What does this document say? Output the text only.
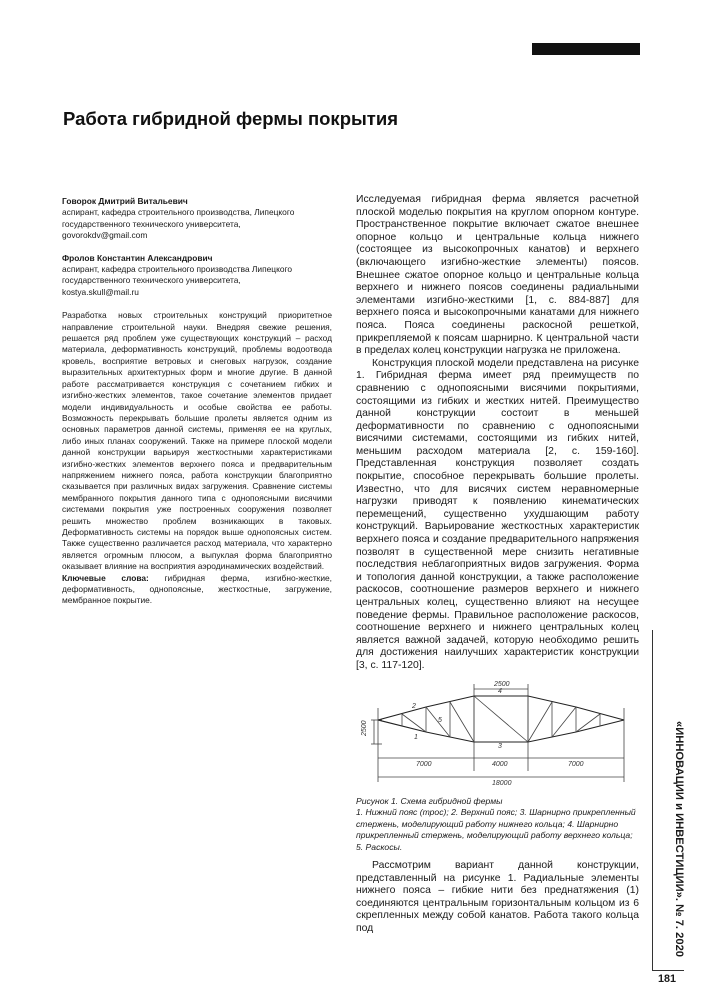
Работа гибридной фермы покрытия
Говорок Дмитрий Витальевич
аспирант, кафедра строительного производства, Липецкого государственного технического университета,
govorokdv@gmail.com
Фролов Константин Александрович
аспирант, кафедра строительного производства Липецкого государственного технического университета,
kostya.skull@mail.ru

Разработка новых строительных конструкций приоритетное направление строительной науки. Внедряя свежие решения, решается ряд проблем уже существующих конструкций – расход материала, деформативность конструкций, проблемы водоотвода кровель, восприятие ветровых и снеговых нагрузок, создание выразительных архитектурных форм и многие другие. В данной работе рассматривается конструкция с сочетанием гибких и изгибно-жестких элементов, такое сочетание элементов придает модели индивидуальность и особые свойства ее работы. Возможность перекрывать большие пролеты является одним из основных параметров данной системы, применяя ее на круглых, либо иных планах сооружений. Также на примере плоской модели данной конструкции варьируя жесткостными характеристиками изгибно-жестких элементов верхнего пояса и предварительным напряжением нижнего пояса, работа конструкции благоприятно сказывается при различных видах загружения. Сравнение системы мембранного покрытия данного типа с однопоясными висячими системами покрытия уже построенных сооружения позволяет решить множество проблем возникающих в таковых. Деформативность системы на порядок выше однопоясных систем. Также существенно различается расход материала, что характерно является огромным плюсом, а выпуклая форма благоприятно оказывает влияние на восприятия аэродинамических воздействий.

Ключевые слова: гибридная ферма, изгибно-жесткие, деформативность, однопоясные, жесткостные, загружение, мембранное покрытие.

Исследуемая гибридная ферма является расчетной плоской моделью покрытия на круглом опорном контуре. Пространственное покрытие включает сжатое внешнее опорное кольцо и центральные кольца нижнего (состоящее из высокопрочных канатов) и верхнего (включающего изгибно-жесткие элементы) поясов. Внешнее сжатое опорное кольцо и центральные кольца верхнего и нижнего поясов соединены радиальными элементами изгибно-жесткими [1, с. 884-887] для верхнего пояса и высокопрочными канатами для нижнего пояса. Пояса соединены раскосной решеткой, прикрепляемой к поясам шарнирно. К центральной части в пределах колец конструкции нагрузка не приложена.

Конструкция плоской модели представлена на рисунке 1. Гибридная ферма имеет ряд преимуществ по сравнению с однопоясными висячими покрытиями, состоящими из гибких и жестких нитей. Преимущество данной конструкции состоит в меньшей деформативности по сравнению с однопоясными висячими системами, состоящими из гибких нитей, меньшим расходом материала [2, с. 159-160]. Представленная конструкция позволяет создать покрытие, способное перекрывать большие пролеты. Известно, что для висячих систем неравномерные нагрузки приводят к появлению кинематических перемещений, существенно ухудшающим работу конструкций. Варьирование жесткостных характеристик верхнего пояса и создание предварительного напряжения позволят в существенной мере снизить негативные последствия неблагоприятных видов загружения. Форма и топология данной конструкции, а также расположение раскосов, соотношение размеров верхнего и нижнего центральных колец, существенно влияют на несущее поведение фермы. Правильное расположение раскосов, соотношение верхнего и нижнего центральных колец является важной задачей, которую необходимо решить для достижения наилучших характеристик конструкции [3, с. 117-120].

2500
2500
7000	4000	7000
18000
1
2
3
4
5
Рисунок 1. Схема гибридной фермы
1. Нижний пояс (трос); 2. Верхний пояс; 3. Шарнирно прикрепленный стержень, моделирующий работу нижнего кольца; 4. Шарнирно прикрепленный стержень, моделирующий работу верхнего кольца; 5. Раскосы.

Рассмотрим вариант данной конструкции, представленный на рисунке 1. Радиальные элементы нижнего пояса – гибкие нити без преднатяжения (1) соединяются центральным горизонтальным кольцом из 6 скрепленных между собой канатов. Работа такого кольца под	«ИННОВАЦИИ и ИНВЕСТИЦИИ». № 7. 2020
181
